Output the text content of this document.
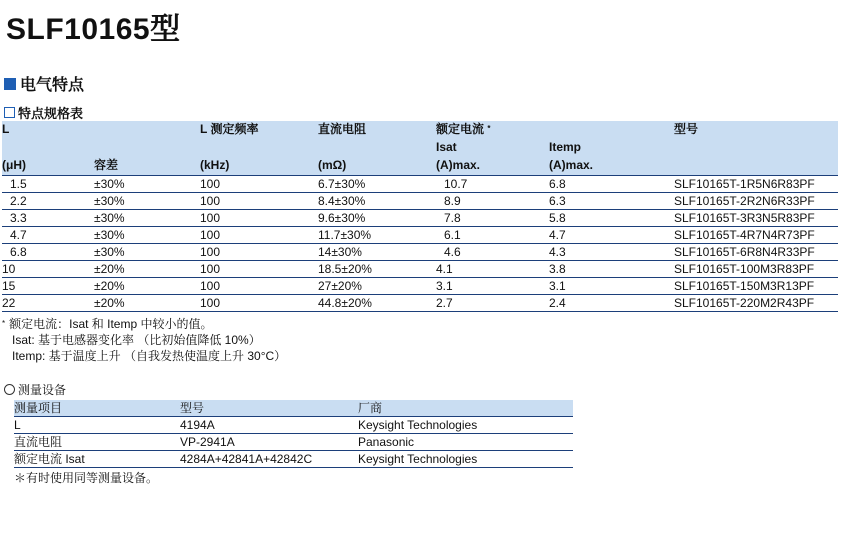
SLF10165型
电气特点
特点规格表
L		L 测定频率	直流电阻	额定电流 *		型号
				Isat	Itemp	
(μH)	容差	(kHz)	(mΩ)	(A)max.	(A)max.	
1.5	±30%	100	6.7±30%	10.7	6.8	SLF10165T-1R5N6R83PF
2.2	±30%	100	8.4±30%	8.9	6.3	SLF10165T-2R2N6R33PF
3.3	±30%	100	9.6±30%	7.8	5.8	SLF10165T-3R3N5R83PF
4.7	±30%	100	11.7±30%	6.1	4.7	SLF10165T-4R7N4R73PF
6.8	±30%	100	14±30%	4.6	4.3	SLF10165T-6R8N4R33PF
10	±20%	100	18.5±20%	4.1	3.8	SLF10165T-100M3R83PF
15	±20%	100	27±20%	3.1	3.1	SLF10165T-150M3R13PF
22	±20%	100	44.8±20%	2.7	2.4	SLF10165T-220M2R43PF
* 额定电流：Isat 和 Itemp 中较小的值。
Isat: 基于电感器变化率 （比初始值降低 10%）
Itemp: 基于温度上升 （自我发热使温度上升 30°C）
测量设备
测量项目	型号	厂商
L	4194A	Keysight Technologies
直流电阻	VP-2941A	Panasonic
额定电流 Isat	4284A+42841A+42842C	Keysight Technologies
＊有时使用同等测量设备。
